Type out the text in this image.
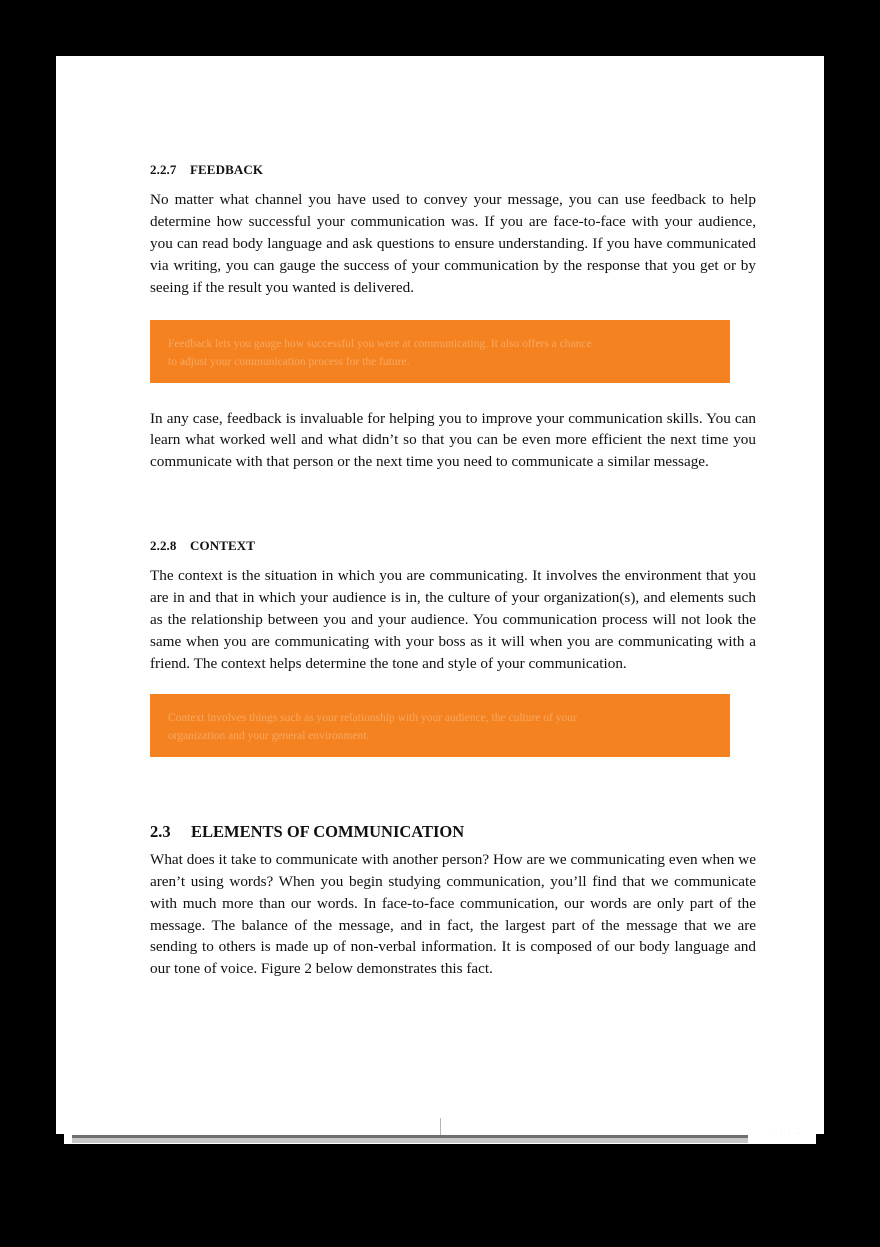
2.2.7 FEEDBACK

No matter what channel you have used to convey your message, you can use feedback to help determine how successful your communication was. If you are face-to-face with your audience, you can read body language and ask questions to ensure understanding. If you have communicated via writing, you can gauge the success of your communication by the response that you get or by seeing if the result you wanted is delivered.

Feedback lets you gauge how successful you were at communicating. It also offers a chance
to adjust your communication process for the future.

In any case, feedback is invaluable for helping you to improve your communication skills. You can learn what worked well and what didn’t so that you can be even more efficient the next time you communicate with that person or the next time you need to communicate a similar message.

2.2.8 CONTEXT

The context is the situation in which you are communicating. It involves the environment that you are in and that in which your audience is in, the culture of your organization(s), and elements such as the relationship between you and your audience. You communication process will not look the same when you are communicating with your boss as it will when you are communicating with a friend. The context helps determine the tone and style of your communication.

Context involves things such as your relationship with your audience, the culture of your
organization and your general environment.
2.3 ELEMENTS OF COMMUNICATION

What does it take to communicate with another person? How are we communicating even when we aren’t using words? When you begin studying communication, you’ll find that we communicate with much more than our words. In face-to-face communication, our words are only part of the message. The balance of the message, and in fact, the largest part of the message that we are sending to others is made up of non-verbal information. It is composed of our body language and our tone of voice. Figure 2 below demonstrates this fact.

· · · ·
